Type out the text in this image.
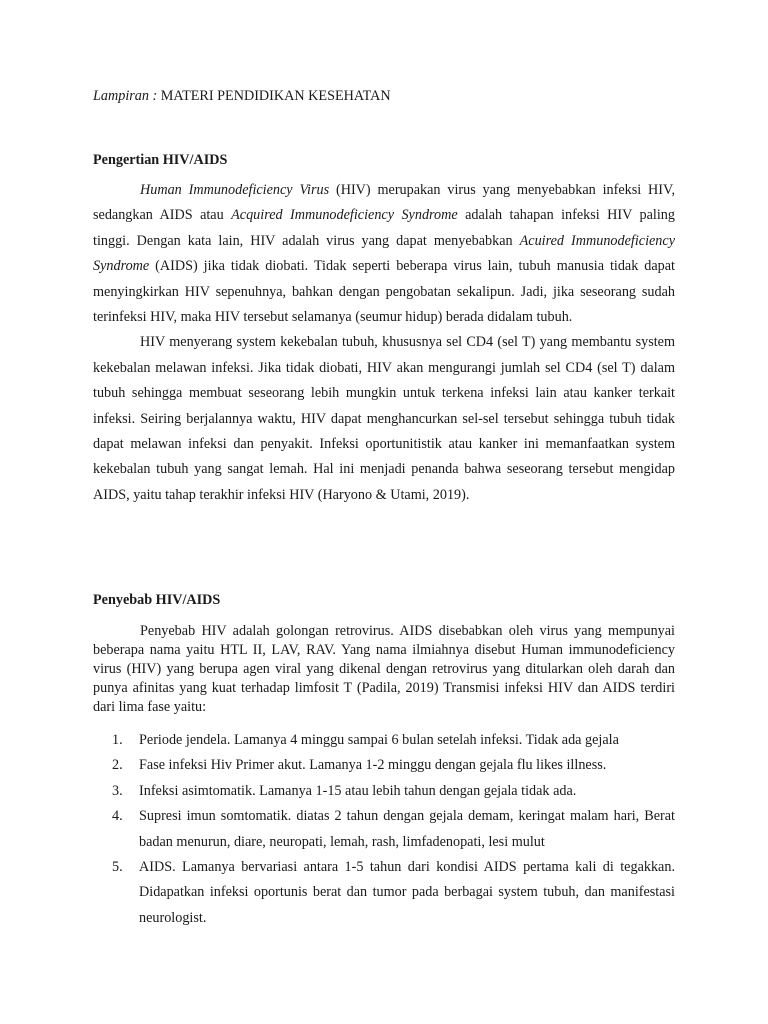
Lampiran : MATERI PENDIDIKAN KESEHATAN
Pengertian HIV/AIDS

Human Immunodeficiency Virus (HIV) merupakan virus yang menyebabkan infeksi HIV, sedangkan AIDS atau Acquired Immunodeficiency Syndrome adalah tahapan infeksi HIV paling tinggi. Dengan kata lain, HIV adalah virus yang dapat menyebabkan Acuired Immunodeficiency Syndrome (AIDS) jika tidak diobati. Tidak seperti beberapa virus lain, tubuh manusia tidak dapat menyingkirkan HIV sepenuhnya, bahkan dengan pengobatan sekalipun. Jadi, jika seseorang sudah terinfeksi HIV, maka HIV tersebut selamanya (seumur hidup) berada didalam tubuh.

HIV menyerang system kekebalan tubuh, khususnya sel CD4 (sel T) yang membantu system kekebalan melawan infeksi. Jika tidak diobati, HIV akan mengurangi jumlah sel CD4 (sel T) dalam tubuh sehingga membuat seseorang lebih mungkin untuk terkena infeksi lain atau kanker terkait infeksi. Seiring berjalannya waktu, HIV dapat menghancurkan sel-sel tersebut sehingga tubuh tidak dapat melawan infeksi dan penyakit. Infeksi oportunitistik atau kanker ini memanfaatkan system kekebalan tubuh yang sangat lemah. Hal ini menjadi penanda bahwa seseorang tersebut mengidap AIDS, yaitu tahap terakhir infeksi HIV (Haryono & Utami, 2019).

Penyebab HIV/AIDS

Penyebab HIV adalah golongan retrovirus. AIDS disebabkan oleh virus yang mempunyai beberapa nama yaitu HTL II, LAV, RAV. Yang nama ilmiahnya disebut Human immunodeficiency virus (HIV) yang berupa agen viral yang dikenal dengan retrovirus yang ditularkan oleh darah dan punya afinitas yang kuat terhadap limfosit T (Padila, 2019) Transmisi infeksi HIV dan AIDS terdiri dari lima fase yaitu:

1. Periode jendela. Lamanya 4 minggu sampai 6 bulan setelah infeksi. Tidak ada gejala
2. Fase infeksi Hiv Primer akut. Lamanya 1-2 minggu dengan gejala flu likes illness.
3. Infeksi asimtomatik. Lamanya 1-15 atau lebih tahun dengan gejala tidak ada.
4. Supresi imun somtomatik. diatas 2 tahun dengan gejala demam, keringat malam hari, Berat badan menurun, diare, neuropati, lemah, rash, limfadenopati, lesi mulut
5. AIDS. Lamanya bervariasi antara 1-5 tahun dari kondisi AIDS pertama kali di tegakkan. Didapatkan infeksi oportunis berat dan tumor pada berbagai system tubuh, dan manifestasi neurologist.
